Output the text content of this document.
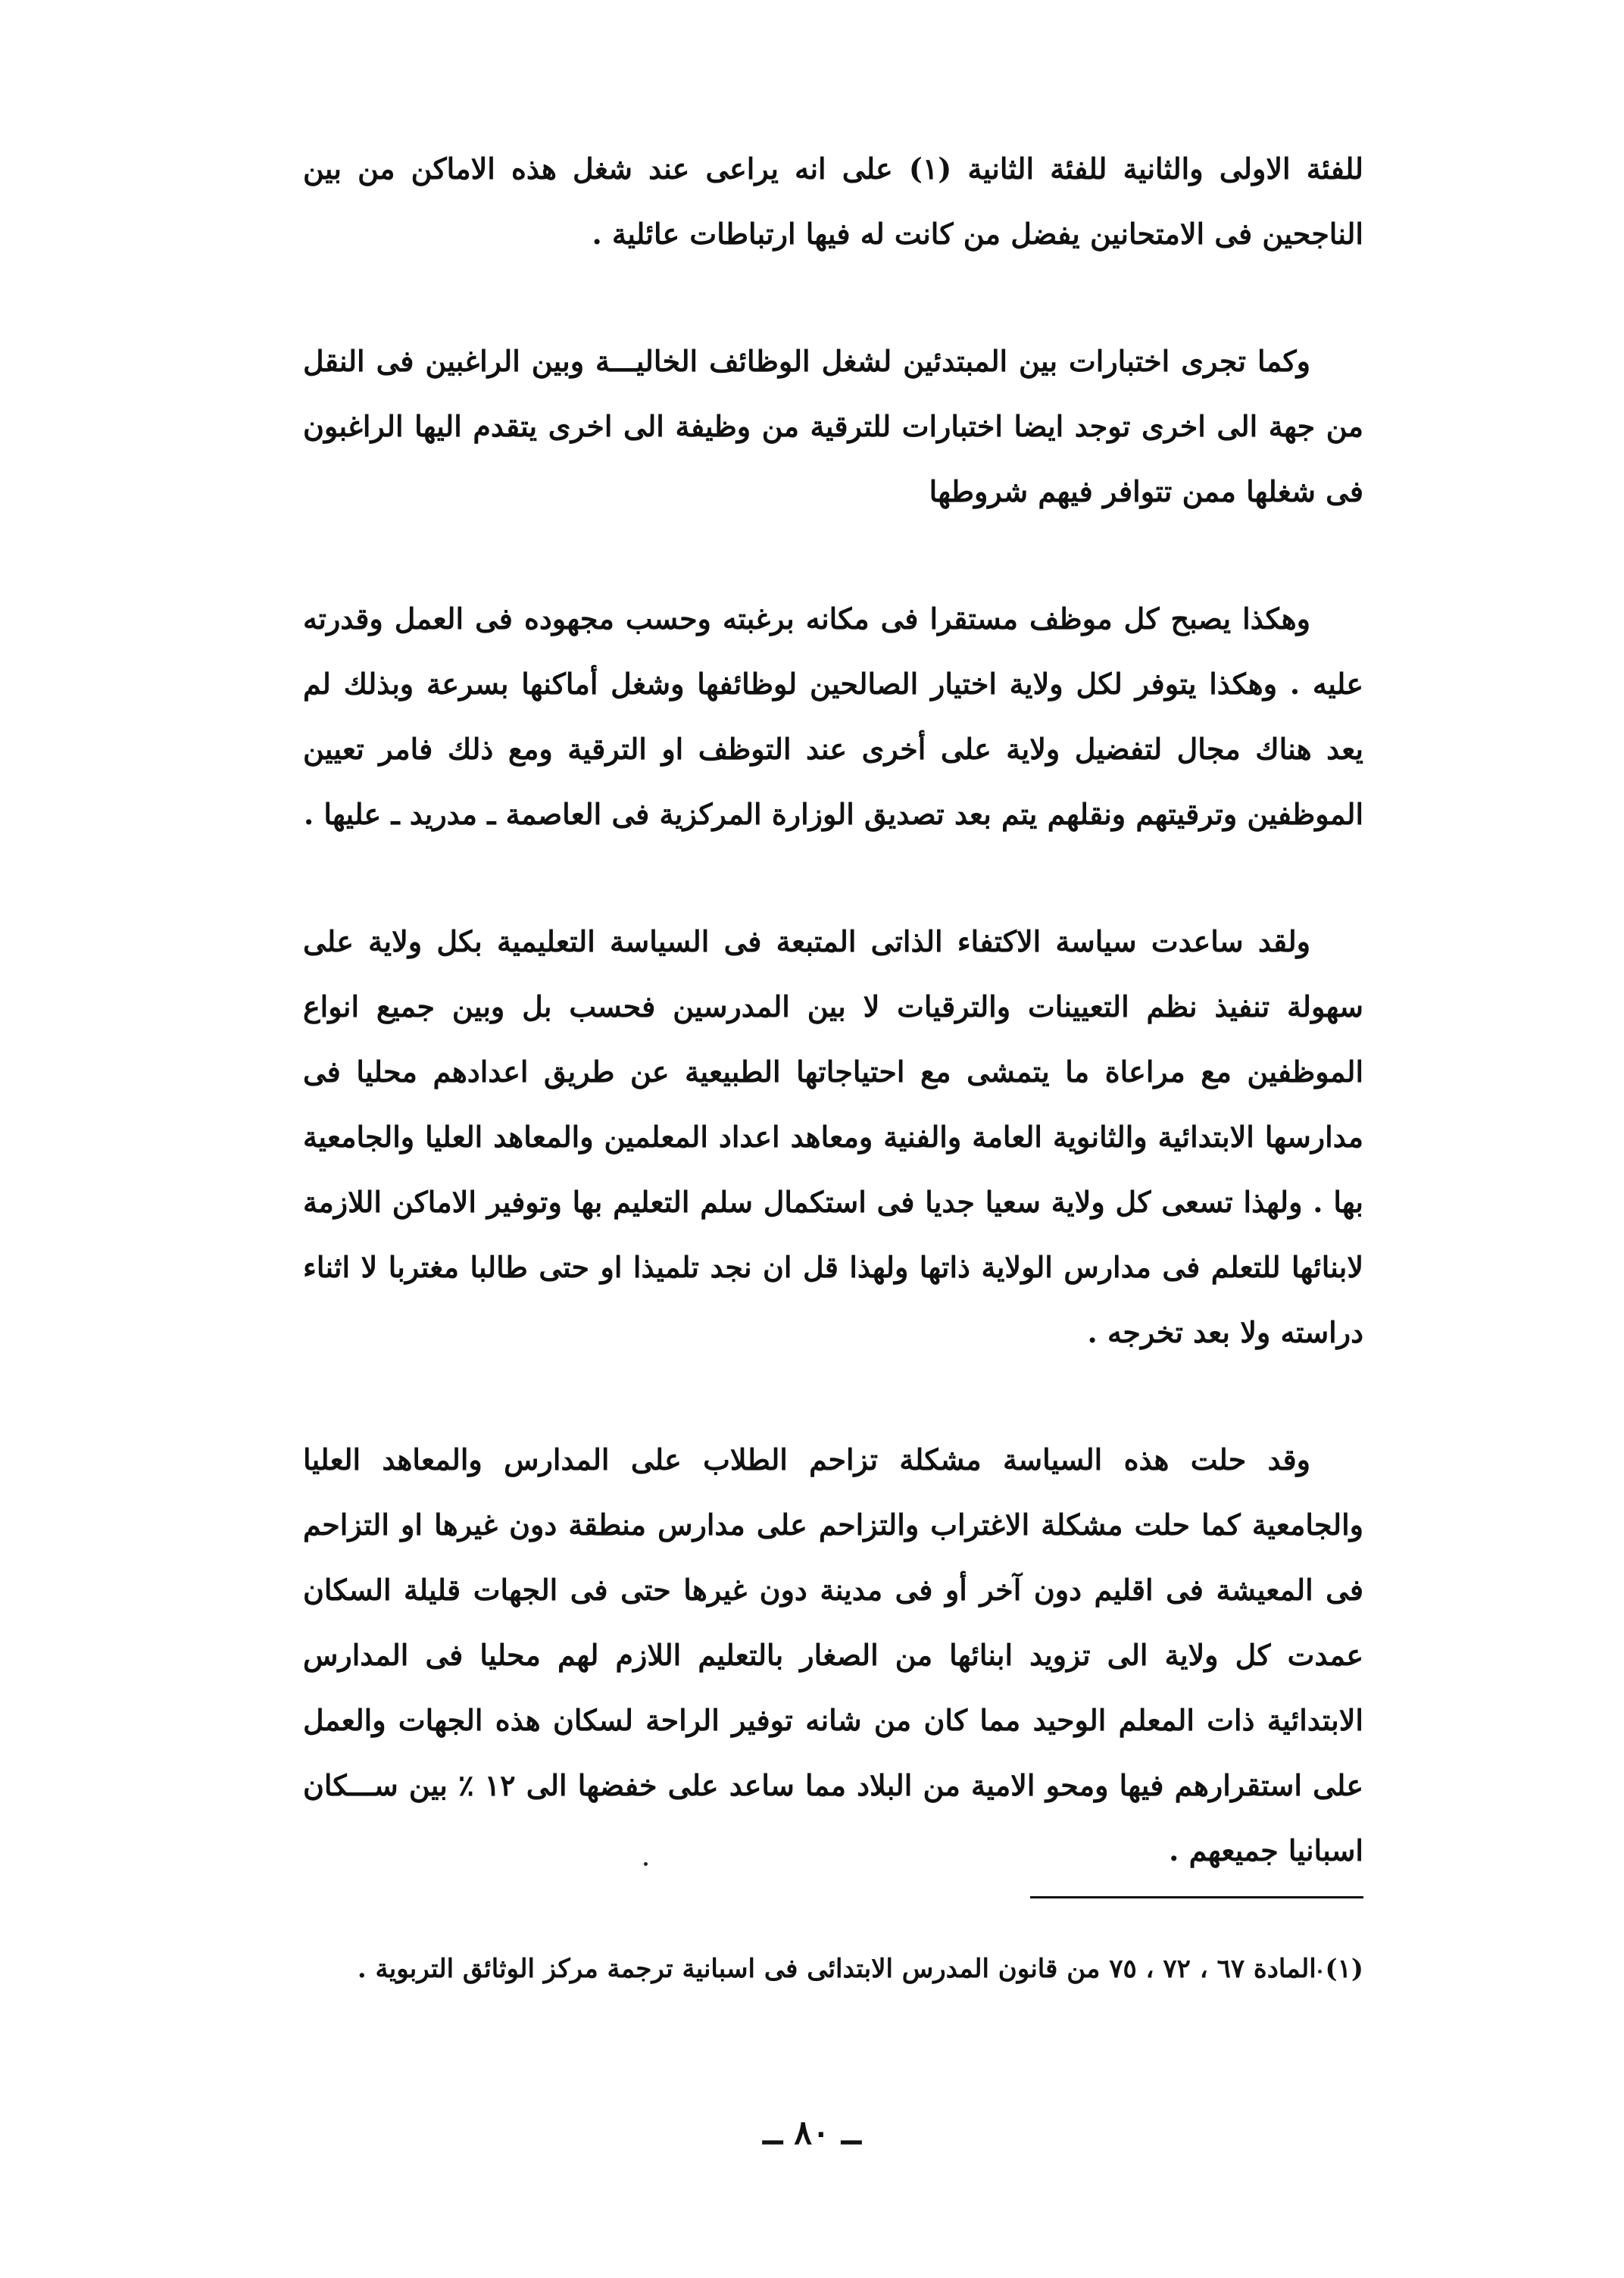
للفئة الاولى والثانية للفئة الثانية (١) على انه يراعى عند شغل هذه الاماكن من بين الناجحين فى الامتحانين يفضل من كانت له فيها ارتباطات عائلية .

وكما تجرى اختبارات بين المبتدئين لشغل الوظائف الخاليـــة وبين الراغبين فى النقل من جهة الى اخرى توجد ايضا اختبارات للترقية من وظيفة الى اخرى يتقدم اليها الراغبون فى شغلها ممن تتوافر فيهم شروطها

وهكذا يصبح كل موظف مستقرا فى مكانه برغبته وحسب مجهوده فى العمل وقدرته عليه . وهكذا يتوفر لكل ولاية اختيار الصالحين لوظائفها وشغل أماكنها بسرعة وبذلك لم يعد هناك مجال لتفضيل ولاية على أخرى عند التوظف او الترقية ومع ذلك فامر تعيين الموظفين وترقيتهم ونقلهم يتم بعد تصديق الوزارة المركزية فى العاصمة ـ مدريد ـ عليها .

ولقد ساعدت سياسة الاكتفاء الذاتى المتبعة فى السياسة التعليمية بكل ولاية على سهولة تنفيذ نظم التعيينات والترقيات لا بين المدرسين فحسب بل وبين جميع انواع الموظفين مع مراعاة ما يتمشى مع احتياجاتها الطبيعية عن طريق اعدادهم محليا فى مدارسها الابتدائية والثانوية العامة والفنية ومعاهد اعداد المعلمين والمعاهد العليا والجامعية بها . ولهذا تسعى كل ولاية سعيا جديا فى استكمال سلم التعليم بها وتوفير الاماكن اللازمة لابنائها للتعلم فى مدارس الولاية ذاتها ولهذا قل ان نجد تلميذا او حتى طالبا مغتربا لا اثناء دراسته ولا بعد تخرجه .

وقد حلت هذه السياسة مشكلة تزاحم الطلاب على المدارس والمعاهد العليا والجامعية كما حلت مشكلة الاغتراب والتزاحم على مدارس منطقة دون غيرها او التزاحم فى المعيشة فى اقليم دون آخر أو فى مدينة دون غيرها حتى فى الجهات قليلة السكان عمدت كل ولاية الى تزويد ابنائها من الصغار بالتعليم اللازم لهم محليا فى المدارس الابتدائية ذات المعلم الوحيد مما كان من شانه توفير الراحة لسكان هذه الجهات والعمل على استقرارهم فيها ومحو الامية من البلاد مما ساعد على خفضها الى ١٢ ٪ بين ســـكان اسبانيا جميعهم .

(١) المادة ٦٧ ، ٧٢ ، ٧٥ من قانون المدرس الابتدائى فى اسبانية ترجمة مركز الوثائق التربوية .
ــ ٨٠ ــ
